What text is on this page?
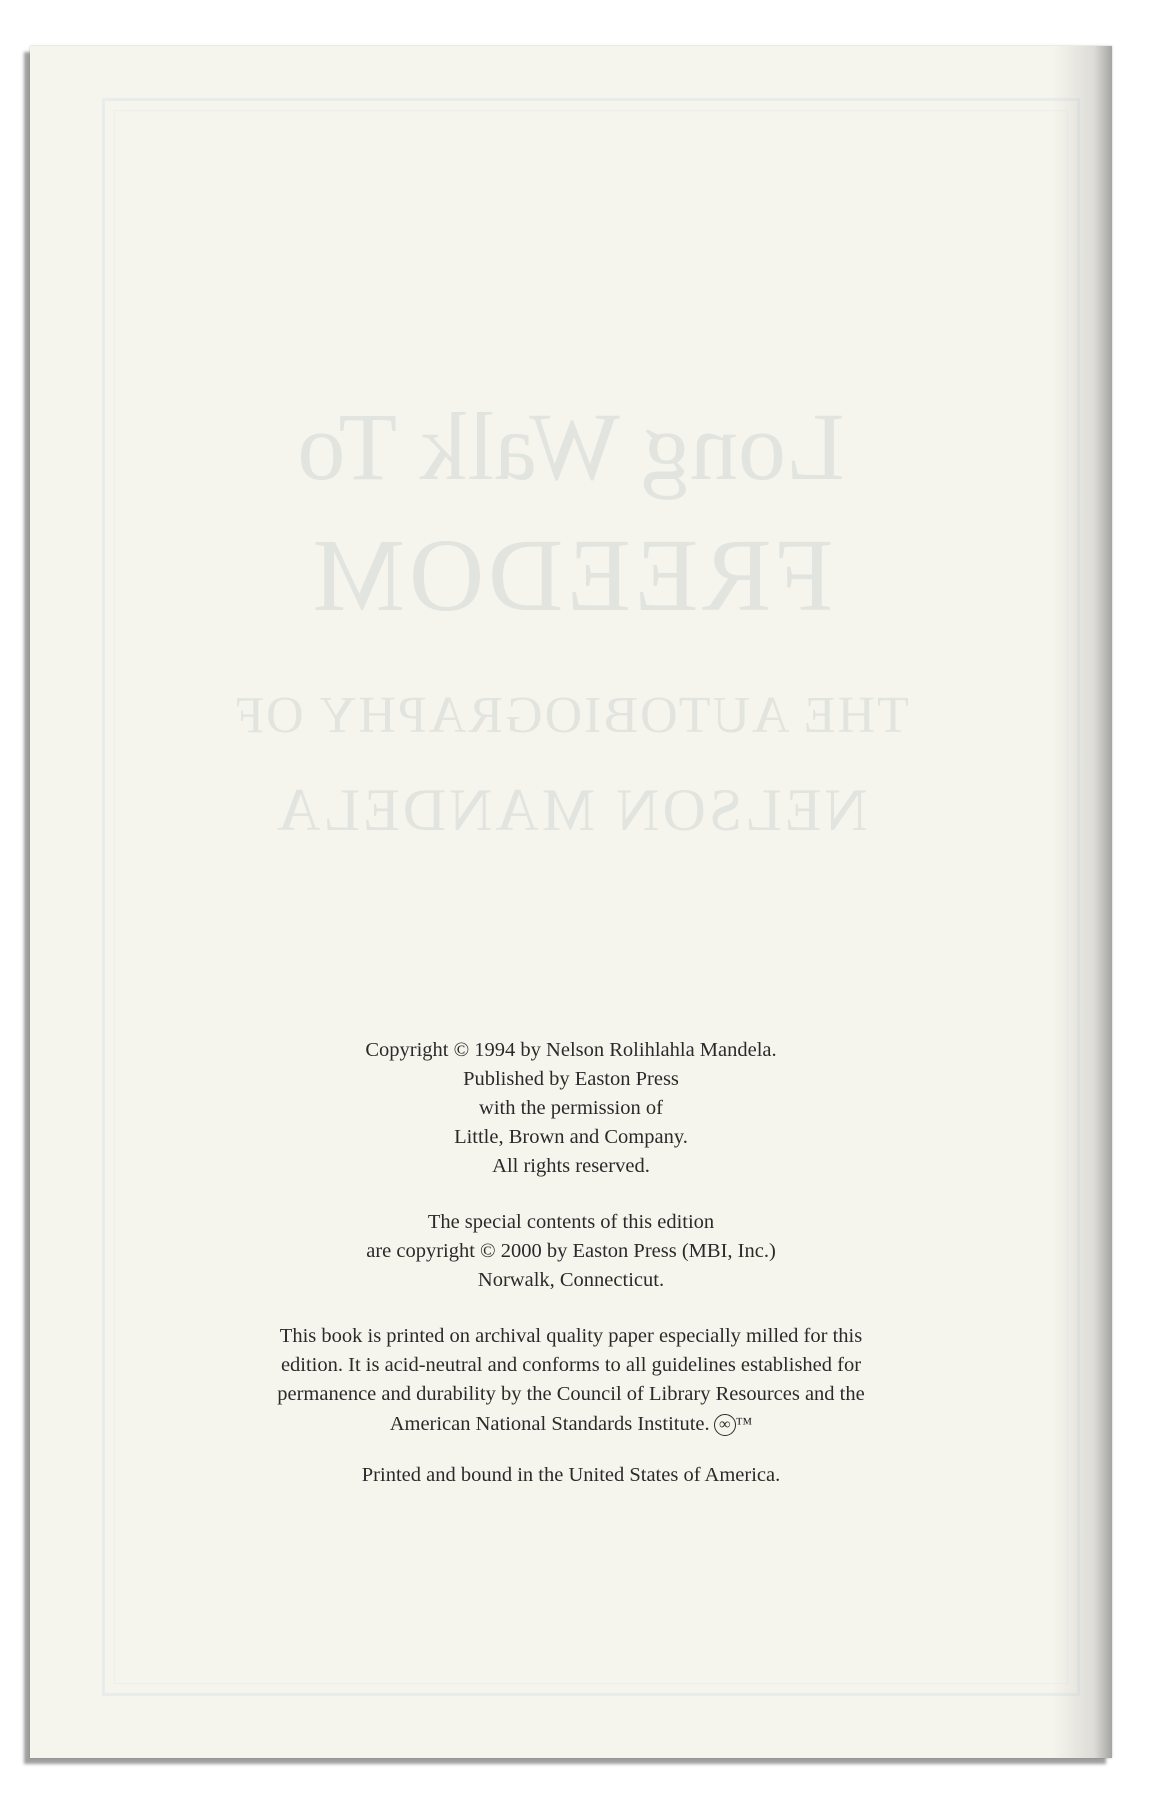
Long Walk To
FREEDOM
THE AUTOBIOGRAPHY OF
NELSON MANDELA
Copyright © 1994 by Nelson Rolihlahla Mandela.
Published by Easton Press
with the permission of
Little, Brown and Company.
All rights reserved.
The special contents of this edition
are copyright © 2000 by Easton Press (MBI, Inc.)
Norwalk, Connecticut.
This book is printed on archival quality paper especially milled for this
edition. It is acid-neutral and conforms to all guidelines established for
permanence and durability by the Council of Library Resources and the
American National Standards Institute. ∞ ™
Printed and bound in the United States of America.
